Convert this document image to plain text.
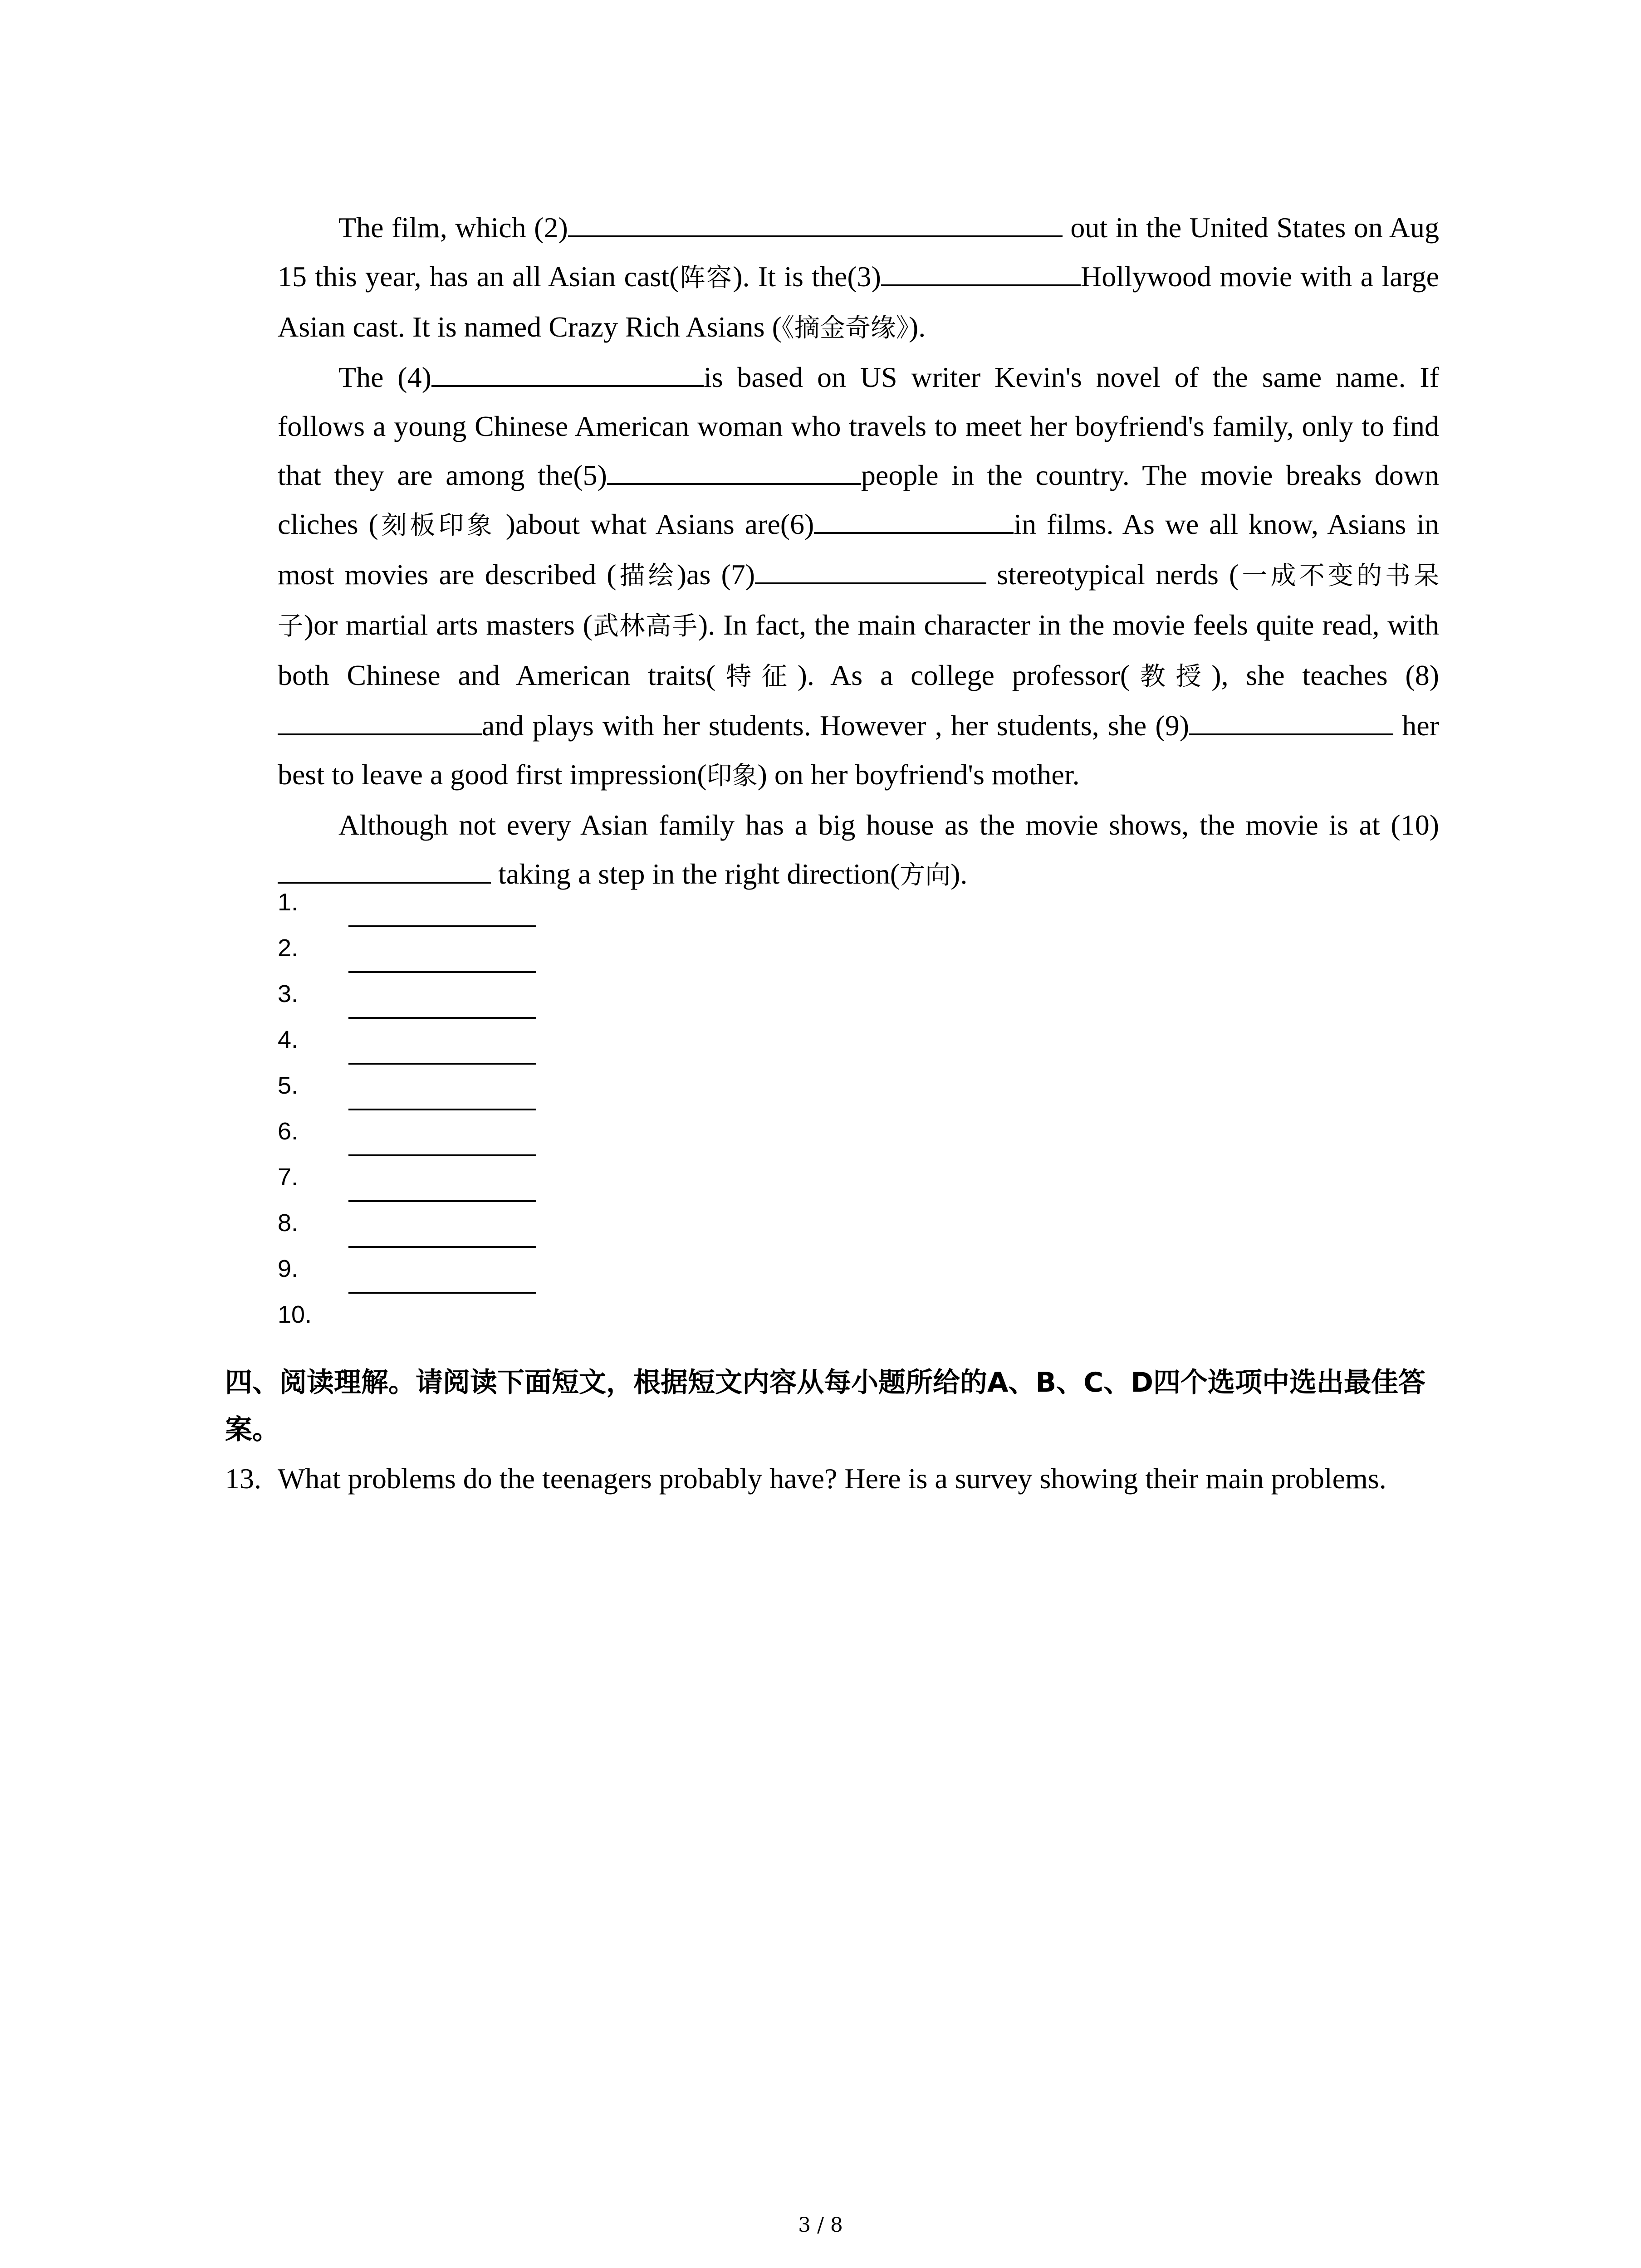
The film, which (2)	out in the United States on Aug 15 this year, has an all Asian cast(阵容). It is the(3)	Hollywood movie with a large Asian cast. It is named Crazy Rich Asians (《摘金奇缘》).

The (4)	is based on US writer Kevin's novel of the same name. If follows a young Chinese American woman who travels to meet her boyfriend's family, only to find that they are among the(5)	people in the country. The movie breaks down cliches (刻板印象 )about what Asians are(6)	in films. As we all know, Asians in most movies are described (描绘)as (7)	stereotypical nerds (一成不变的书呆子)or martial arts masters (武林高手). In fact, the main character in the movie feels quite read, with both Chinese and American traits(特征). As a college professor(教授), she teaches (8)and plays with her students. However , her students, she (9)	her best to leave a good first impression(印象) on her boyfriend's mother.

Although not every Asian family has a big house as the movie shows, the movie is at (10) taking a step in the right direction(方向).

1.
2.
3.
4.
5.
6.
7.
8.
9.
10.
四、阅读理解。请阅读下面短文，根据短文内容从每小题所给的A、B、C、D四个选项中选出最佳答案。
13. What problems do the teenagers probably have? Here is a survey showing their main problems.
3 / 8
